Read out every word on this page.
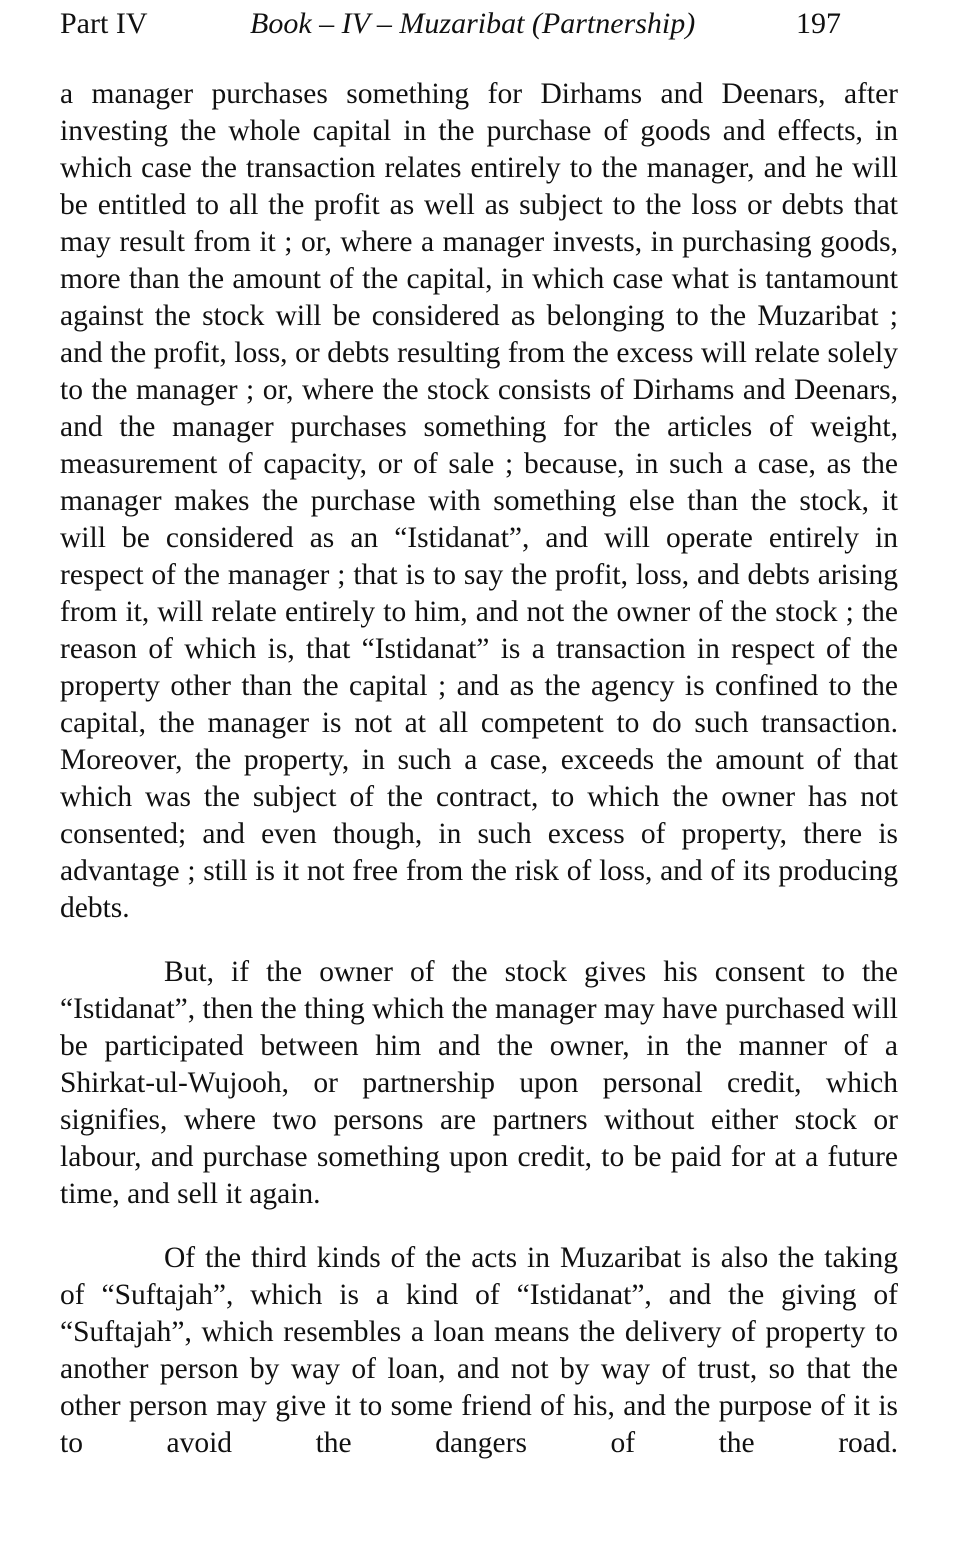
Part IV	Book – IV – Muzaribat (Partnership)	197

a manager purchases something for Dirhams and Deenars, after investing the whole capital in the purchase of goods and effects, in which case the transaction relates entirely to the manager, and he will be entitled to all the profit as well as subject to the loss or debts that may result from it ; or, where a manager invests, in purchasing goods, more than the amount of the capital, in which case what is tantamount against the stock will be considered as belonging to the Muzaribat ; and the profit, loss, or debts resulting from the excess will relate solely to the manager ; or, where the stock consists of Dirhams and Deenars, and the manager purchases something for the articles of weight, measurement of capacity, or of sale ; because, in such a case, as the manager makes the purchase with something else than the stock, it will be considered as an “Istidanat”, and will operate entirely in respect of the manager ; that is to say the profit, loss, and debts arising from it, will relate entirely to him, and not the owner of the stock ; the reason of which is, that “Istidanat” is a transaction in respect of the property other than the capital ; and as the agency is confined to the capital, the manager is not at all competent to do such transaction. Moreover, the property, in such a case, exceeds the amount of that which was the subject of the contract, to which the owner has not consented; and even though, in such excess of property, there is advantage ; still is it not free from the risk of loss, and of its producing debts.

But, if the owner of the stock gives his consent to the “Istidanat”, then the thing which the manager may have purchased will be participated between him and the owner, in the manner of a Shirkat-ul-Wujooh, or partnership upon personal credit, which signifies, where two persons are partners without either stock or labour, and purchase something upon credit, to be paid for at a future time, and sell it again.

Of the third kinds of the acts in Muzaribat is also the taking of “Suftajah”, which is a kind of “Istidanat”, and the giving of “Suftajah”, which resembles a loan means the delivery of property to another person by way of loan, and not by way of trust, so that the other person may give it to some friend of his, and the purpose of it is to avoid the dangers of the road.
